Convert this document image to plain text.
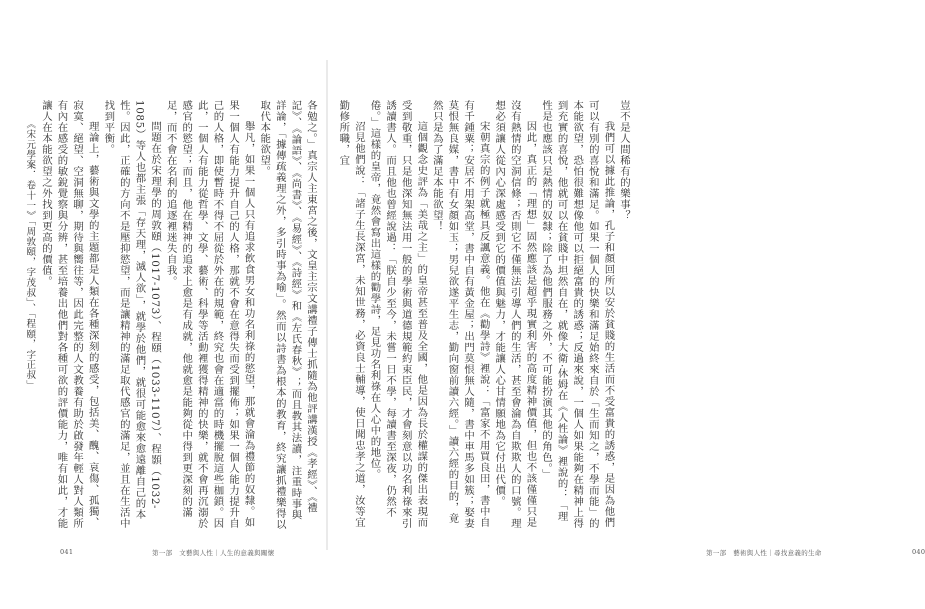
各勉之。」真宗人主東宮之後，文皇主宗文講禮子傳士抓隨為他評講漢授《孝經》、《禮記》、《論語》、《尚書》、《易經》、《詩經》和《左氏春秋》；而且教其法讀，注重時事與詳論，「據傳疏義理之外，多引時事為喻」。然而以詩書為根本的教育，終究讓抓禮樂得以取代本能欲望。

舉凡，如果一個人只有追求飲食男女和功名利祿的慾望，那就會淪為禮節的奴隸。如果一個人有能力提升自己的人格，那就不會在意得失而受到擺佈；如果一個人能力提升自己的人格，即使暫時不得不屈從於外在的規範，終究也會在適當的時機擺脫這些枷鎖。因此，一個人有能力從哲學、文學、藝術、科學等活動裡獲得精神的快樂，就不會再沉溺於感官的慾望；而且，他在精神的追求上愈是有成就，他就愈是能夠從中得到更深刻的滿足，而不會在名利的追逐裡迷失自我。

問題在於宋理學的周敦頤（1017-1073）、程頤（1033-1107）、程顥（1032-1085）等人也都主張「存天理，滅人欲」，就學於他們，就很可能愈來愈遠離自己的本性。因此，正確的方向不是壓抑慾望，而是讓精神的滿足取代感官的滿足，並且在生活中找到平衡。

理論上，藝術與文學的主題都是人類在各種深刻的感受，包括美、醜、哀傷、孤獨、寂寞、絕望、空洞無聊，期待與嚮往等，因此完整的人文教養有助於啟發年輕人對人類所有內在感受的敏銳覺察與分辨，甚至培養出他們對各種可欲的評價能力，唯有如此，才能讓人在本能欲望之外找到更高的價值。

《宋元學案．卷十一》「周敦頤，字茂叔」、「程頤，字正叔」

041	第一部　文藝與人性｜人生的意義與關懷

豈不是人間稀有的樂事？

我們可以據此推論，孔子和顏回所以安於貧賤的生活而不受富貴的誘惑，是因為他們可以有別的喜悅和滿足。如果一個人的快樂和滿足始終來自於「生而知之，不學而能」的本能欲望，恐怕很難想像他可以拒絕富貴的誘惑；反過來說，一個人如果能夠在精神上得到充實的喜悅，他就可以在貧賤中坦然自在，就像大衛‧休姆在《人性論》裡說的：「理性是也應該只是熱情的奴隸；除了為他們服務之外，不可能扮演其他的角色。」

因此，真正的「理想」固然應該是超乎現實利害的高度精神價值，但也不該僅僅只是沒有熱情的空洞信條；否則它不僅無法引導人們的生活，甚至會淪為自欺欺人的口號。理想必須讓人從內心深處感受到它的價值與魅力，才能讓人心甘情願地為它付出代價。

宋朝真宗的例子就極具反諷意義。他在《勸學詩》裡說：「富家不用買良田，書中自有千鍾粟；安居不用架高堂，書中自有黃金屋；出門莫恨無人隨，書中車馬多如簇；娶妻莫恨無良媒，書中有女顏如玉；男兒欲遂平生志，勤向窗前讀六經。」讀六經的目的，竟然只是為了滿足本能欲望！

這個觀念史評為「美哉之主」的皇帝甚至普及全國，他是因為長於權謀的傑出表現而受到敬重，只是他深知無法用一般的學術與道德規範約束臣民，才會刻意以功名利祿來引誘讀書人。而且他也曾經說過：「朕自少至今，未嘗一日不學，每讀書至深夜，仍然不倦。」這樣的皇帝，竟然會寫出這樣的勸學詩，足見功名利祿在人心中的地位。

沼見他們說：「諸子生長深宮，未知世務，必資良士輔導，使日聞忠孝之道，汝等宜勤修所職，宜

第一部　藝術與人性｜尋找意義的生命	040
